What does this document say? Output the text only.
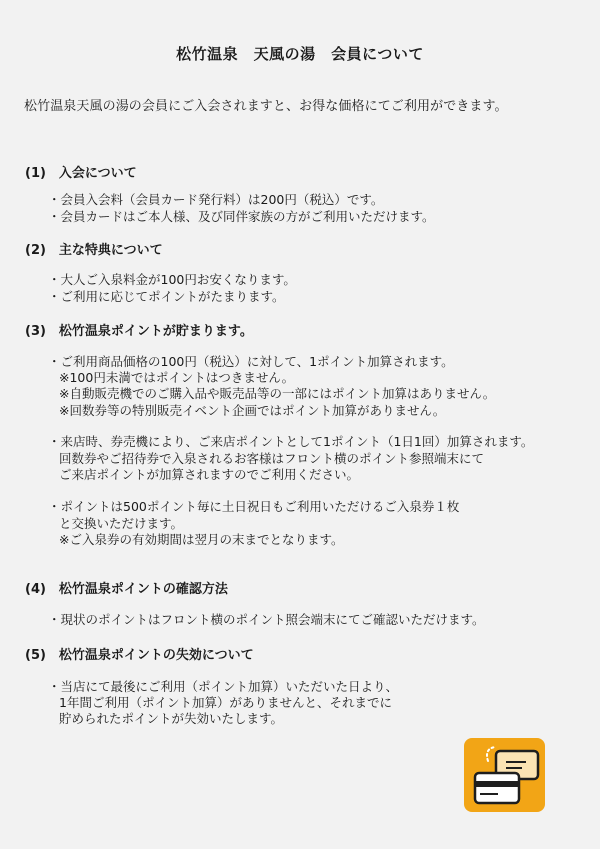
松竹温泉　天風の湯　会員について
松竹温泉天風の湯の会員にご入会されますと、お得な価格にてご利用ができます。
(1)　入会について
・会員入会料（会員カード発行料）は200円（税込）です。
・会員カードはご本人様、及び同伴家族の方がご利用いただけます。
(2)　主な特典について
・大人ご入泉料金が100円お安くなります。
・ご利用に応じてポイントがたまります。
(3)　松竹温泉ポイントが貯まります。
・ご利用商品価格の100円（税込）に対して、1ポイント加算されます。
※100円未満ではポイントはつきません。
※自動販売機でのご購入品や販売品等の一部にはポイント加算はありません。
※回数券等の特別販売イベント企画ではポイント加算がありません。
・来店時、券売機により、ご来店ポイントとして1ポイント（1日1回）加算されます。
回数券やご招待券で入泉されるお客様はフロント横のポイント参照端末にて
ご来店ポイントが加算されますのでご利用ください。
・ポイントは500ポイント毎に土日祝日もご利用いただけるご入泉券１枚
と交換いただけます。
※ご入泉券の有効期間は翌月の末までとなります。
(4)　松竹温泉ポイントの確認方法
・現状のポイントはフロント横のポイント照会端末にてご確認いただけます。
(5)　松竹温泉ポイントの失効について
・当店にて最後にご利用（ポイント加算）いただいた日より、
1年間ご利用（ポイント加算）がありませんと、それまでに
貯められたポイントが失効いたします。
